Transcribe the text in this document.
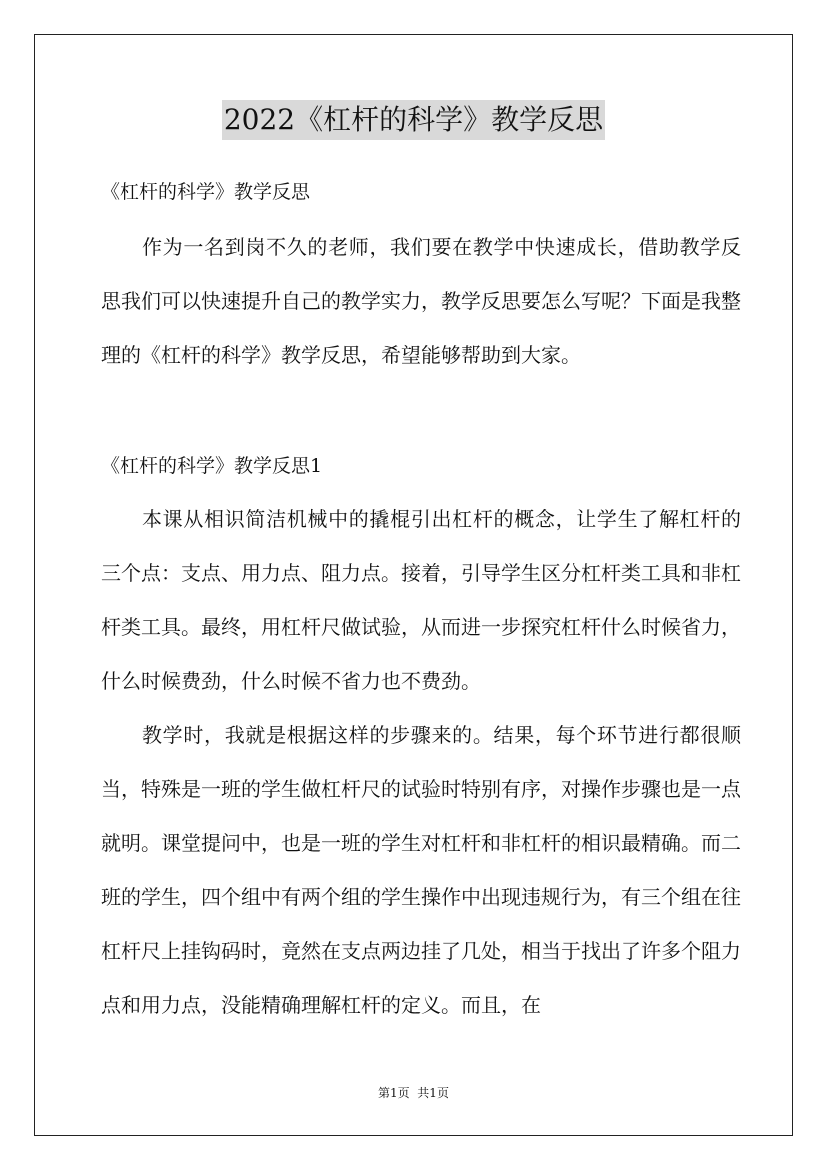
2022《杠杆的科学》教学反思
《杠杆的科学》教学反思

作为一名到岗不久的老师，我们要在教学中快速成长，借助教学反思我们可以快速提升自己的教学实力，教学反思要怎么写呢？下面是我整理的《杠杆的科学》教学反思，希望能够帮助到大家。

《杠杆的科学》教学反思1

本课从相识简洁机械中的撬棍引出杠杆的概念，让学生了解杠杆的三个点：支点、用力点、阻力点。接着，引导学生区分杠杆类工具和非杠杆类工具。最终，用杠杆尺做试验，从而进一步探究杠杆什么时候省力，什么时候费劲，什么时候不省力也不费劲。

教学时，我就是根据这样的步骤来的。结果，每个环节进行都很顺当，特殊是一班的学生做杠杆尺的试验时特别有序，对操作步骤也是一点就明。课堂提问中，也是一班的学生对杠杆和非杠杆的相识最精确。而二班的学生，四个组中有两个组的学生操作中出现违规行为，有三个组在往杠杆尺上挂钩码时，竟然在支点两边挂了几处，相当于找出了许多个阻力点和用力点，没能精确理解杠杆的定义。而且，在

第1页  共1页
